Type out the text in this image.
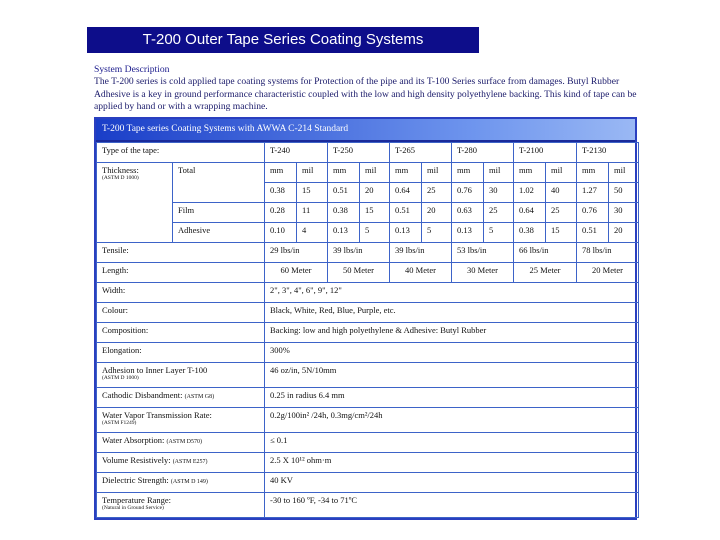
T-200 Outer Tape Series Coating Systems
System Description
The T-200 series is cold applied tape coating systems for Protection of the pipe and its T-100 Series surface from damages. Butyl Rubber Adhesive is a key in ground performance characteristic coupled with the low and high density polyethylene backing. This kind of tape can be applied by hand or with a wrapping machine.
T-200 Tape series Coating Systems with AWWA C-214 Standard
Type of the tape:		T-240		T-250		T-265		T-280		T-2100		T-2130	
Thickness:
(ASTM D 1000)	Total	mm	mil	mm	mil	mm	mil	mm	mil	mm	mil	mm	mil
		0.38	15	0.51	20	0.64	25	0.76	30	1.02	40	1.27	50
	Film	0.28	11	0.38	15	0.51	20	0.63	25	0.64	25	0.76	30
	Adhesive	0.10	4	0.13	5	0.13	5	0.13	5	0.38	15	0.51	20
Tensile:		29 lbs/in		39 lbs/in		39 lbs/in		53 lbs/in		66 lbs/in		78 lbs/in	
Length:		60 Meter		50 Meter		40 Meter		30 Meter		25 Meter		20 Meter	
Width:		2", 3", 4", 6", 9", 12"											
Colour:		Black, White, Red, Blue, Purple, etc.											
Composition:		Backing: low and high polyethylene & Adhesive: Butyl Rubber											
Elongation:		300%											
Adhesion to Inner Layer T-100
(ASTM D 1000)		46 oz/in, 5N/10mm											
Cathodic Disbandment: (ASTM G8)		0.25 in radius 6.4 mm											
Water Vapor Transmission Rate:
(ASTM F1249)		0.2g/100in² /24h, 0.3mg/cm²/24h											
Water Absorption: (ASTM D570)		≤ 0.1											
Volume Resistively: (ASTM E257)		2.5 X 10¹² ohm·m											
Dielectric Strength: (ASTM D 149)		40 KV											
Temperature Range:
(Natural in Ground Service)		-30 to 160 ºF, -34 to 71ºC											
